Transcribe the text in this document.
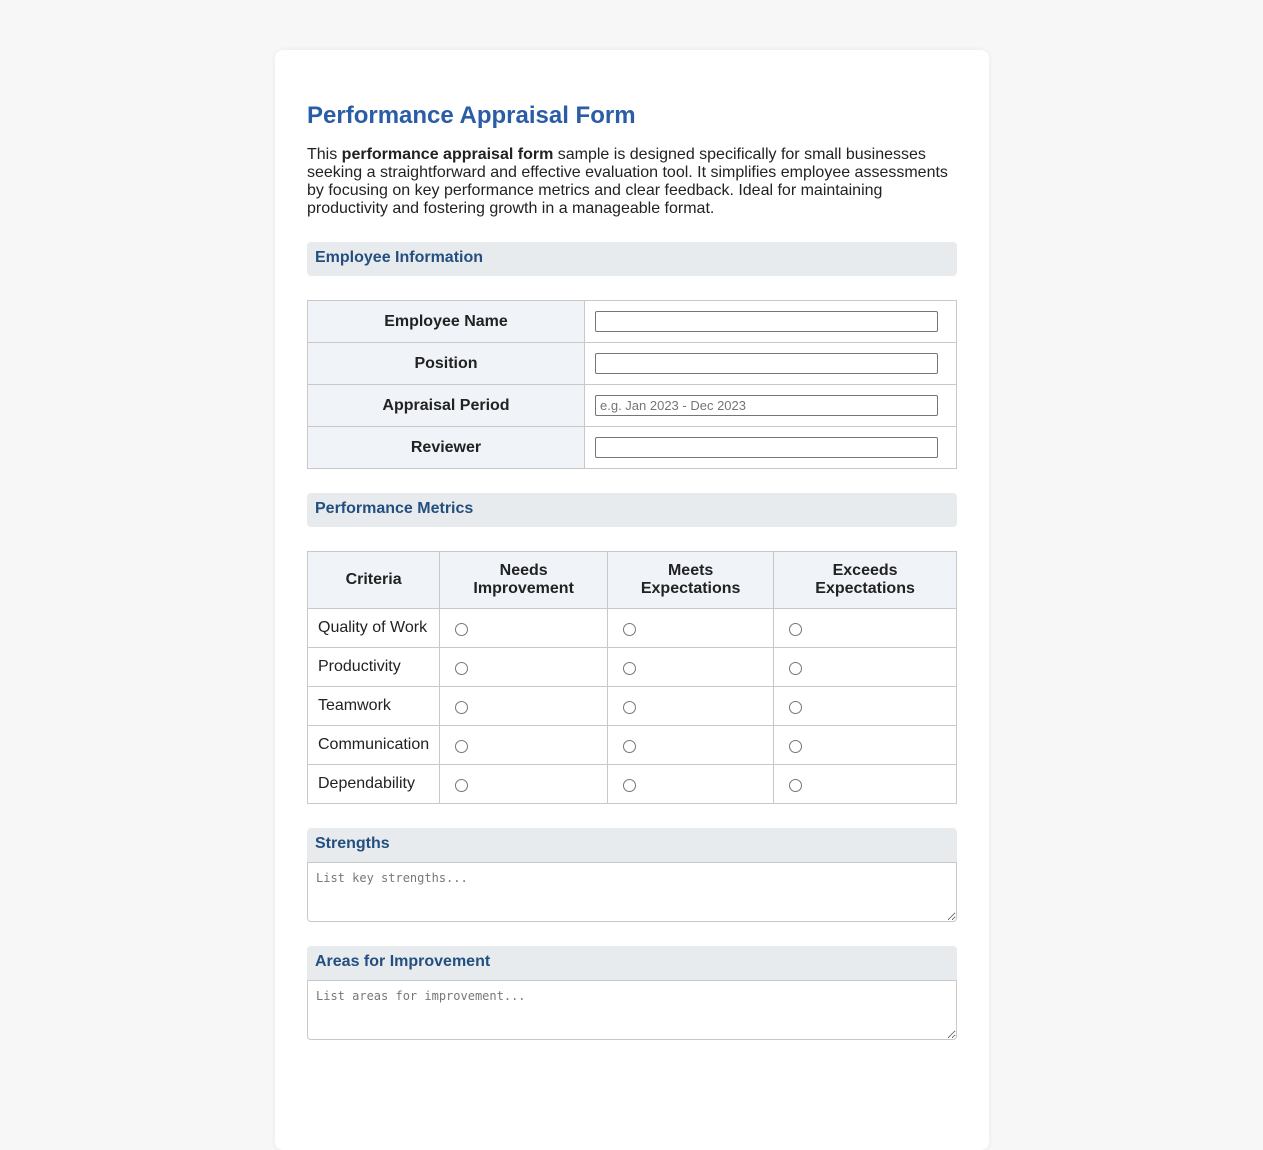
Performance Appraisal Form

This performance appraisal form sample is designed specifically for small businesses seeking a straightforward and effective evaluation tool. It simplifies employee assessments by focusing on key performance metrics and clear feedback. Ideal for maintaining productivity and fostering growth in a manageable format.

Employee Information
Employee Name	

Position	

Appraisal Period	
e.g. Jan 2023 - Dec 2023
Reviewer	
Performance Metrics
Criteria	Needs Improvement	Meets Expectations	Exceeds Expectations
Quality of Work			
Productivity			
Teamwork			
Communication			
Dependability			
Strengths
List key strengths...
Areas for Improvement
List areas for improvement...
